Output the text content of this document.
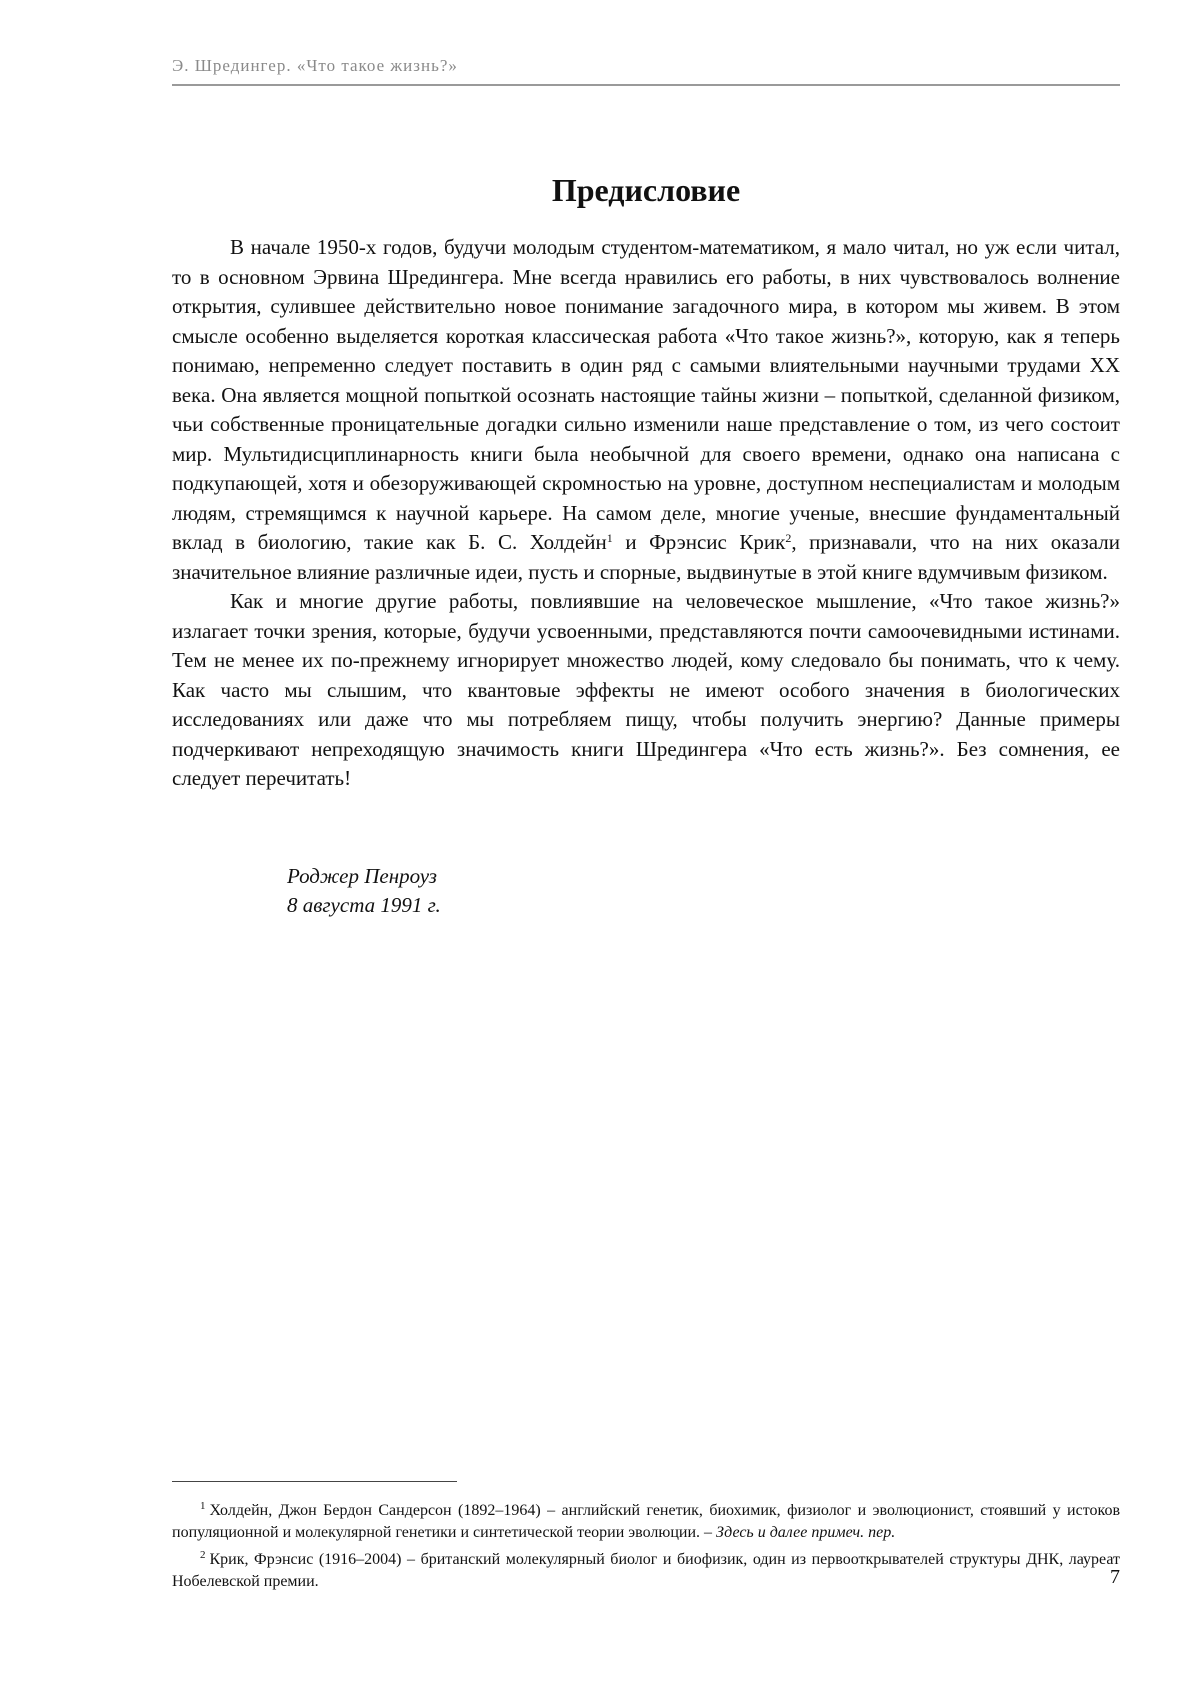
Э. Шредингер. «Что такое жизнь?»
Предисловие

В начале 1950-х годов, будучи молодым студентом-математиком, я мало читал, но уж если читал, то в основном Эрвина Шредингера. Мне всегда нравились его работы, в них чувствовалось волнение открытия, сулившее действительно новое понимание загадочного мира, в котором мы живем. В этом смысле особенно выделяется короткая классическая работа «Что такое жизнь?», которую, как я теперь понимаю, непременно следует поставить в один ряд с самыми влиятельными научными трудами XX века. Она является мощной попыткой осознать настоящие тайны жизни – попыткой, сделанной физиком, чьи собственные проницательные догадки сильно изменили наше представление о том, из чего состоит мир. Мультидисциплинарность книги была необычной для своего времени, однако она написана с подкупающей, хотя и обезоруживающей скромностью на уровне, доступном неспециалистам и молодым людям, стремящимся к научной карьере. На самом деле, многие ученые, внесшие фундаментальный вклад в биологию, такие как Б. С. Холдейн$^1$ и Фрэнсис Крик$^2$, признавали, что на них оказали значительное влияние различные идеи, пусть и спорные, выдвинутые в этой книге вдумчивым физиком.

Как и многие другие работы, повлиявшие на человеческое мышление, «Что такое жизнь?» излагает точки зрения, которые, будучи усвоенными, представляются почти самоочевидными истинами. Тем не менее их по-прежнему игнорирует множество людей, кому следовало бы понимать, что к чему. Как часто мы слышим, что квантовые эффекты не имеют особого значения в биологических исследованиях или даже что мы потребляем пищу, чтобы получить энергию? Данные примеры подчеркивают непреходящую значимость книги Шредингера «Что есть жизнь?». Без сомнения, ее следует перечитать!

Роджер Пенроуз
8 августа 1991 г.

$^1$ Холдейн, Джон Бердон Сандерсон (1892–1964) – английский генетик, биохимик, физиолог и эволюционист, стоявший у истоков популяционной и молекулярной генетики и синтетической теории эволюции. – Здесь и далее примеч. пер.

$^2$ Крик, Фрэнсис (1916–2004) – британский молекулярный биолог и биофизик, один из первооткрывателей структуры ДНК, лауреат Нобелевской премии.	7
